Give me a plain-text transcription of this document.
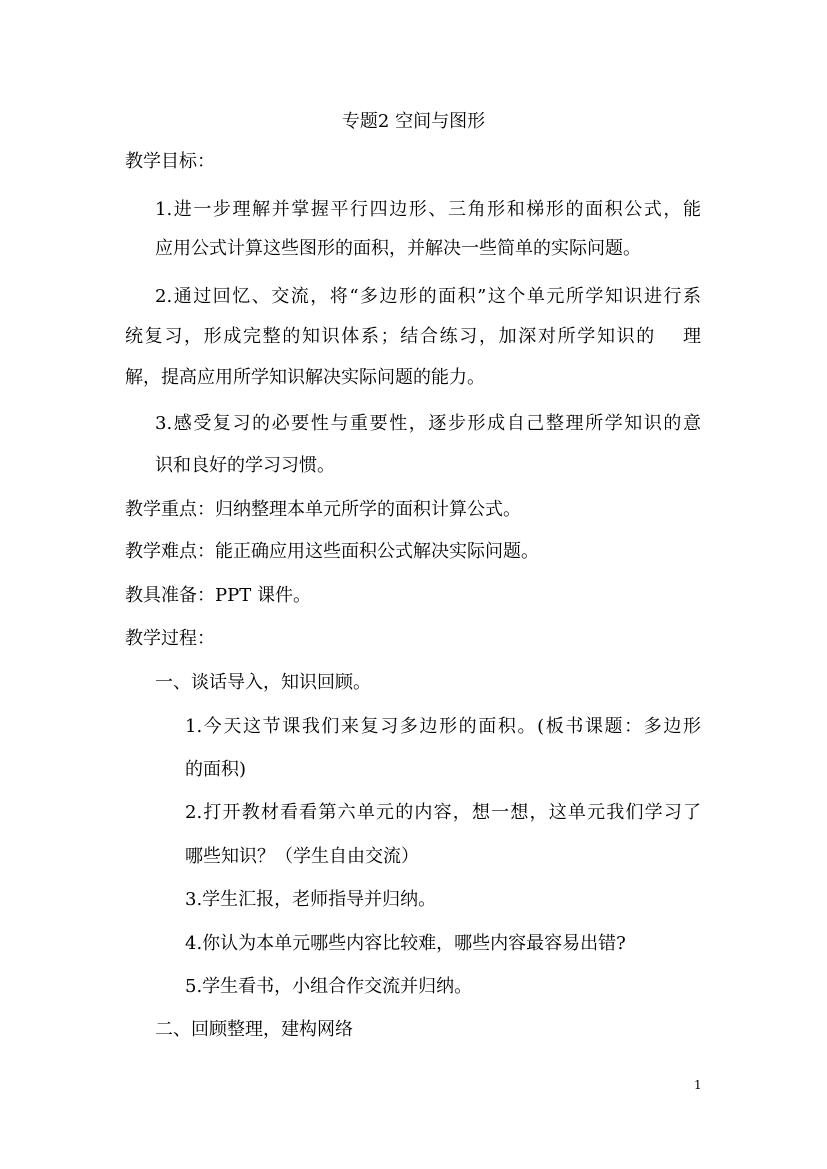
专题2 空间与图形
教学目标：
1.进一步理解并掌握平行四边形、三角形和梯形的面积公式，能
应用公式计算这些图形的面积，并解决一些简单的实际问题。
2.通过回忆、交流，将“多边形的面积”这个单元所学知识进行系
统复习，形成完整的知识体系；结合练习，加深对所学知识的　 理
解，提高应用所学知识解决实际问题的能力。
3.感受复习的必要性与重要性，逐步形成自己整理所学知识的意
识和良好的学习习惯。
教学重点：归纳整理本单元所学的面积计算公式。
教学难点：能正确应用这些面积公式解决实际问题。
教具准备：PPT 课件。
教学过程：
一、谈话导入，知识回顾。
1.今天这节课我们来复习多边形的面积。(板书课题：多边形
的面积)
2.打开教材看看第六单元的内容，想一想，这单元我们学习了
哪些知识？（学生自由交流）
3.学生汇报，老师指导并归纳。
4.你认为本单元哪些内容比较难，哪些内容最容易出错?
5.学生看书，小组合作交流并归纳。
二、回顾整理，建构网络
1
